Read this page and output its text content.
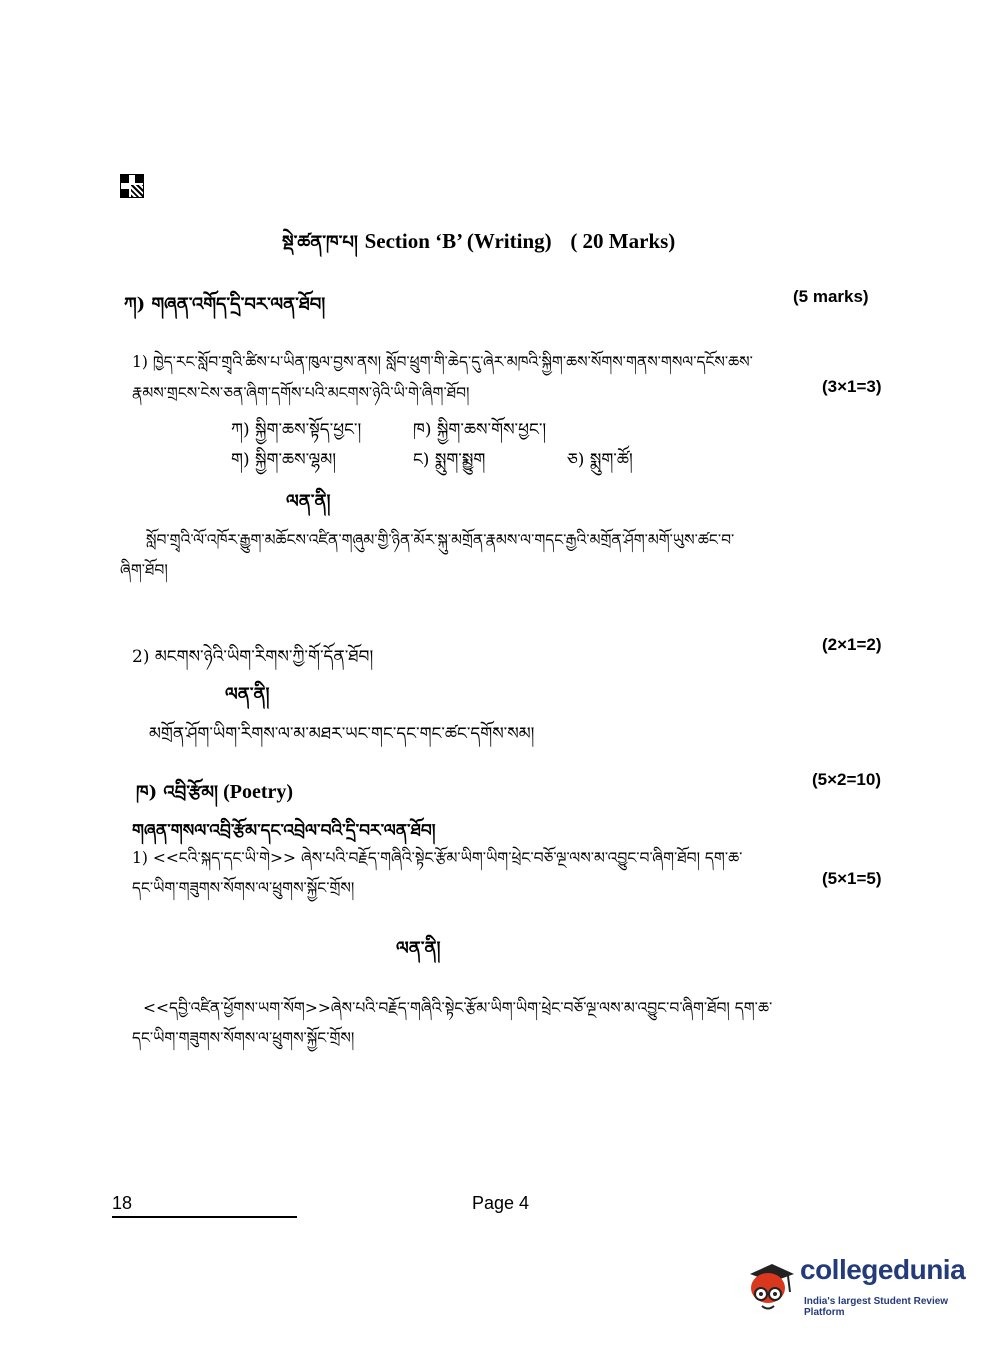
སྡེ་ཚན་ཁ་པ། Section ‘B’ (Writing) ( 20 Marks)
ཀ) གཞན་འགོད་དྲི་བར་ལན་ཐོབ།	(5 marks)
1) ཁྱེད་རང་སློབ་གྲྭའི་ཚིས་པ་ཡིན་ཁུལ་བྱས་ནས། སློབ་ཕྲུག་གི་ཆེད་དུ་ཞེར་མཁའི་སྐྱིག་ཆས་སོགས་གནས་གསལ་དངོས་ཆས་
རྣམས་གྲངས་ངེས་ཅན་ཞིག་དགོས་པའི་མངགས་ཉེའི་ཡི་གེ་ཞིག་ཐོབ།	(3×1=3)
ཀ) སྐྱིག་ཆས་སྟོད་ཕྱང་།	ཁ) སྐྱིག་ཆས་གོས་ཕྱང་།
ག) སྐྱིག་ཆས་ལྷམ།	ང) སྨུག་སྨྱུག	ཅ) སྨུག་ཚོ།
ལན་ནི།
སློབ་གྲྭའི་ལོ་འཁོར་རྒྱུག་མཆོངས་འཛིན་གཞུམ་གྱི་ཉིན་མོར་སྐུ་མགྲོན་རྣམས་ལ་གདང་རྒྱའི་མགྲོན་ཤོག་མགོ་ཡུས་ཚང་བ་
ཞིག་ཐོབ།
2) མངགས་ཉེའི་ཡིག་རིགས་ཀྱི་གོ་དོན་ཐོབ།
(2×1=2)
ལན་ནི།
མགྲོན་ཤོག་ཡིག་རིགས་ལ་མ་མཐར་ཡང་གང་དང་གང་ཚང་དགོས་སམ།
ཁ) འབྲི་རྩོམ། (Poetry)
(5×2=10)
གཞན་གསལ་འབྲི་རྩོམ་དང་འབྲེལ་བའི་དྲི་བར་ལན་ཐོབ།
1) <<ངའི་སྐད་དང་ཡི་གེ>> ཞེས་པའི་བརྗོད་གཞིའི་སྟེང་རྩོམ་ཡིག་ཡིག་ཕྲེང་བཅོ་ལྔ་ལས་མ་འབྱུང་བ་ཞིག་ཐོབ། དག་ཆ་
དང་ཡིག་གཟུགས་སོགས་ལ་ཕྲུགས་སྐྱོང་གྲོས།	(5×1=5)
ལན་ནི།
<<དབྱི་འཛིན་ཕྱོགས་ཡག་སོག>>ཞེས་པའི་བརྗོད་གཞིའི་སྟེང་རྩོམ་ཡིག་ཡིག་ཕྲེང་བཅོ་ལྔ་ལས་མ་འབྱུང་བ་ཞིག་ཐོབ། དག་ཆ་
དང་ཡིག་གཟུགས་སོགས་ལ་ཕྲུགས་སྐྱོང་གྲོས།
18	Page 4
collegedunia
India's largest Student Review Platform
